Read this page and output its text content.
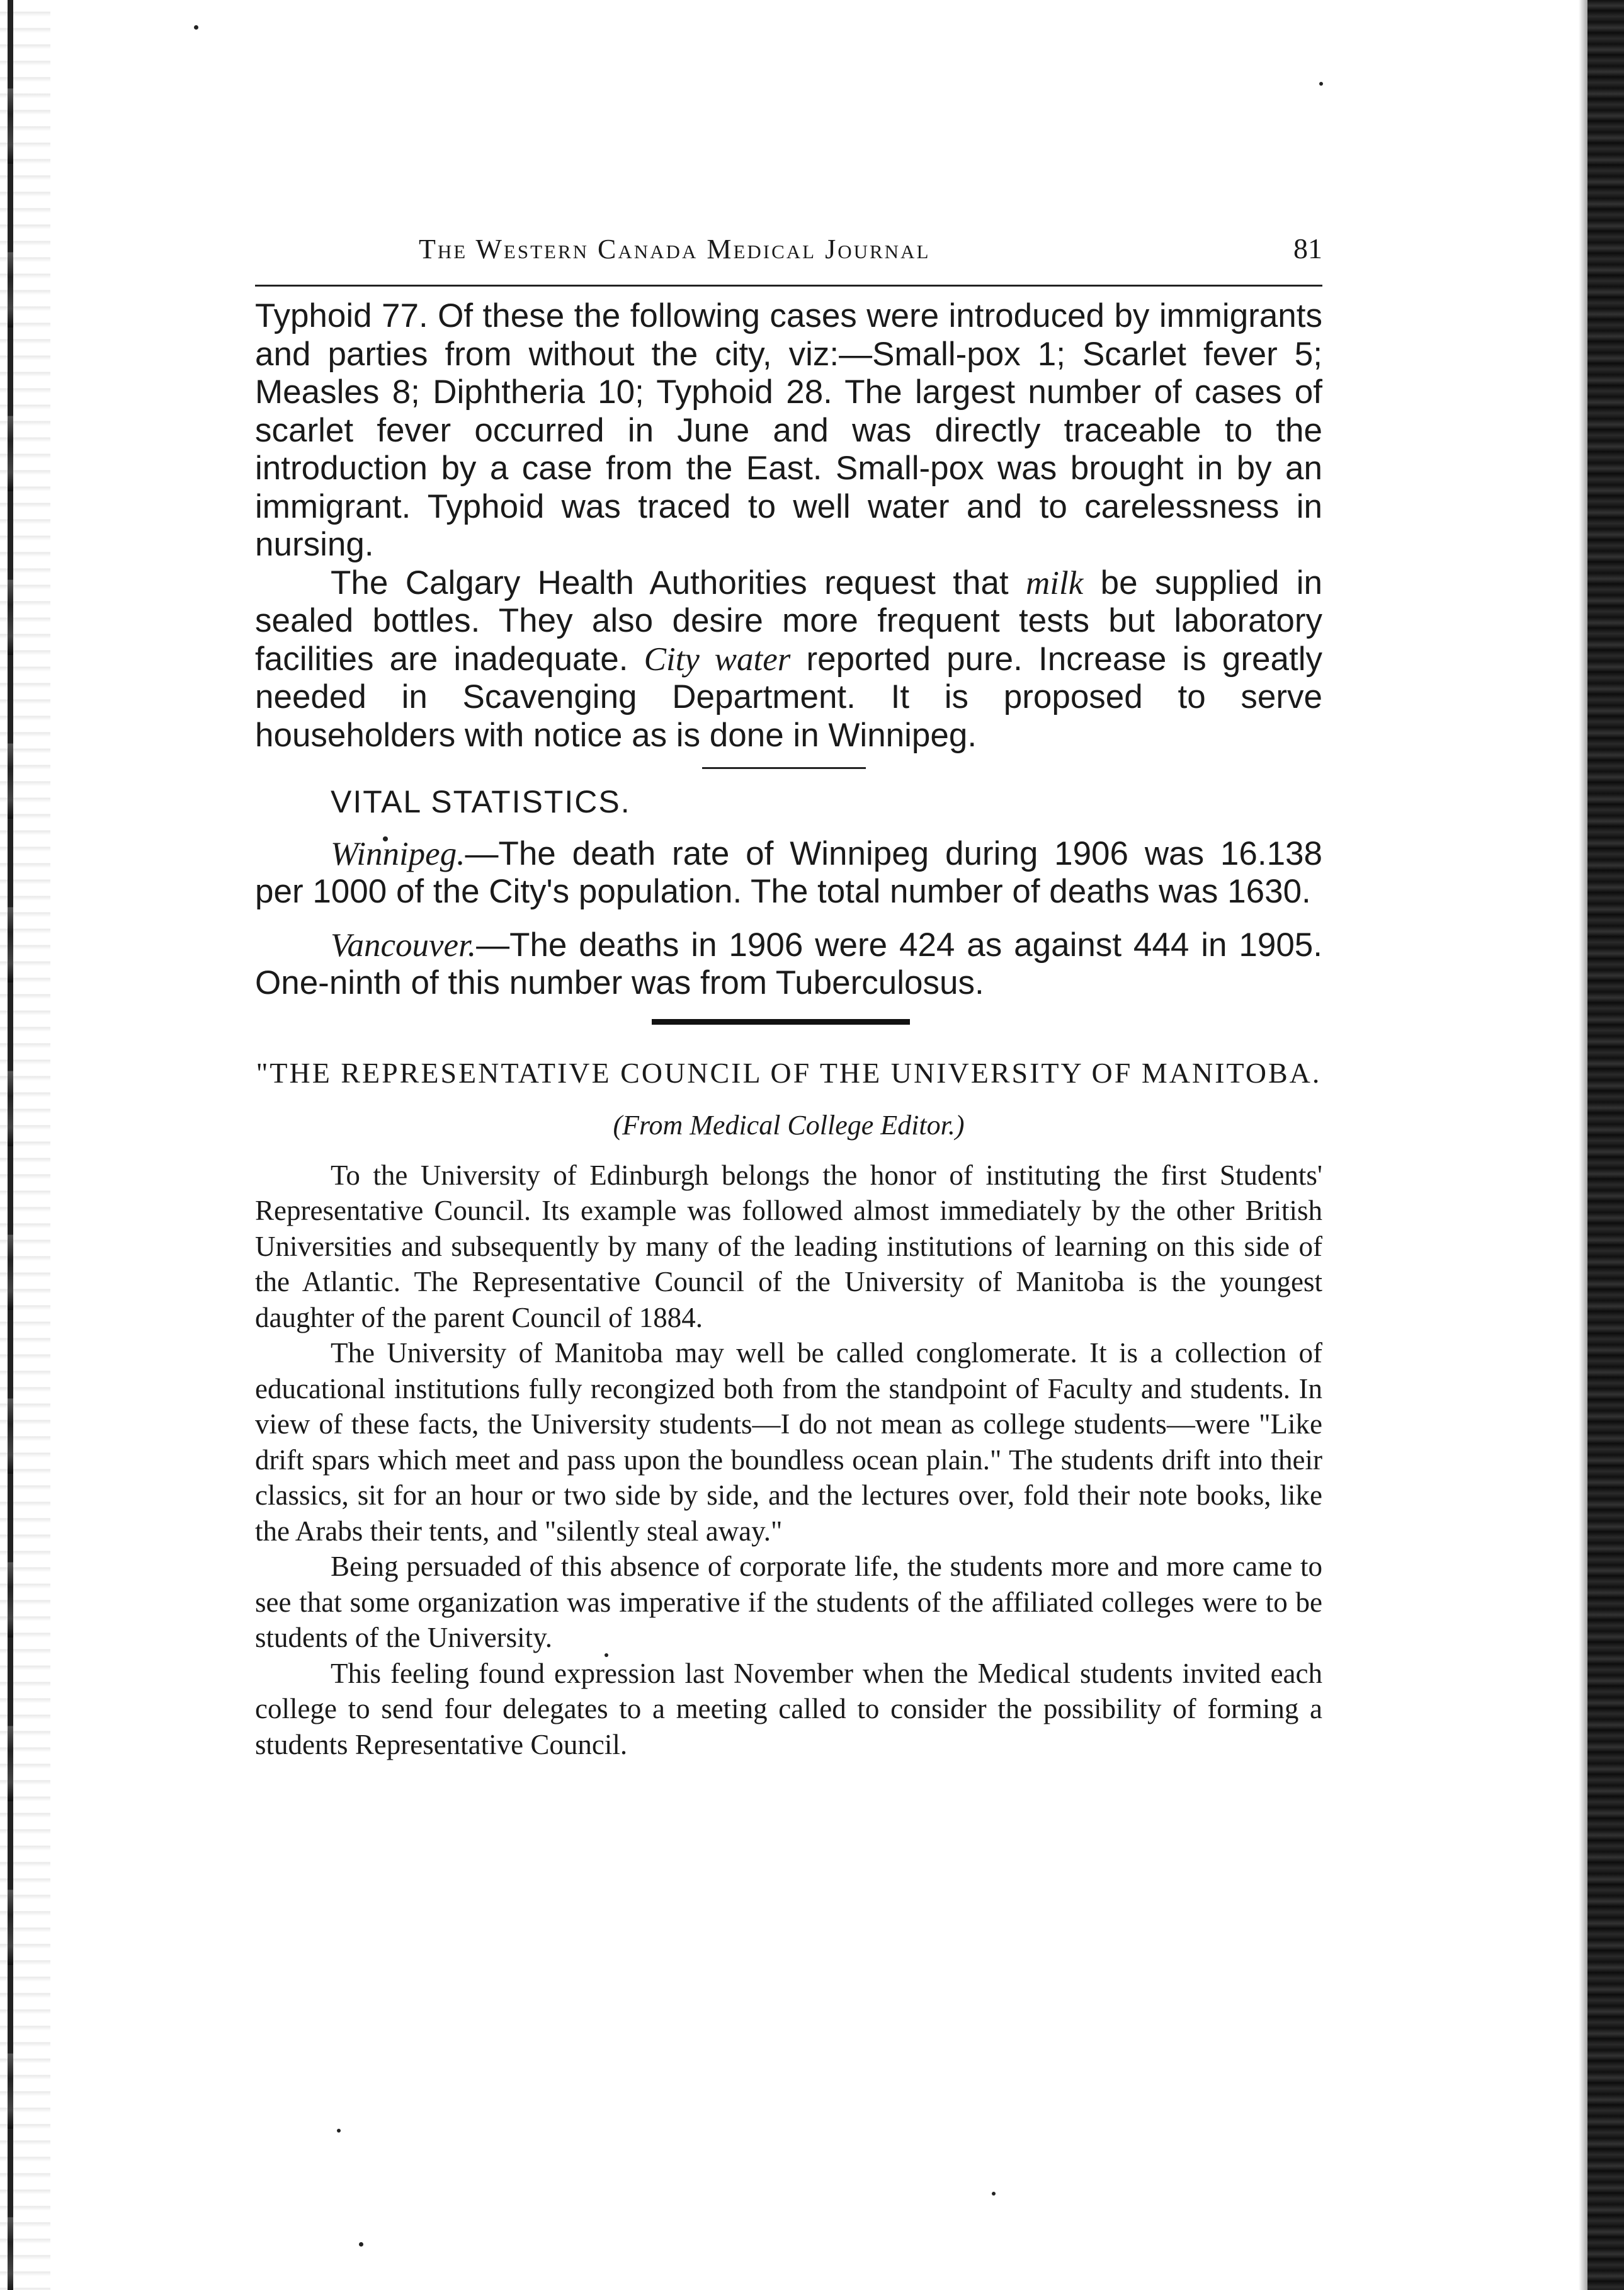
The Western Canada Medical Journal	81

Typhoid 77. Of these the following cases were introduced by immigrants and parties from without the city, viz:—Small-pox 1; Scarlet fever 5; Measles 8; Diphtheria 10; Typhoid 28. The largest number of cases of scarlet fever occurred in June and was directly traceable to the introduction by a case from the East. Small-pox was brought in by an immigrant. Typhoid was traced to well water and to carelessness in nursing.

The Calgary Health Authorities request that milk be supplied in sealed bottles. They also desire more frequent tests but laboratory facilities are inadequate. City water reported pure. Increase is greatly needed in Scavenging Department. It is proposed to serve householders with notice as is done in Winnipeg.

VITAL STATISTICS.

Winnipeg.—The death rate of Winnipeg during 1906 was 16.138 per 1000 of the City's population. The total number of deaths was 1630.

Vancouver.—The deaths in 1906 were 424 as against 444 in 1905. One-ninth of this number was from Tuberculosus.

"THE REPRESENTATIVE COUNCIL OF THE UNIVERSITY OF MANITOBA.
(From Medical College Editor.)

To the University of Edinburgh belongs the honor of instituting the first Students' Representative Council. Its example was followed almost immediately by the other British Universities and subsequently by many of the leading institutions of learning on this side of the Atlantic. The Representative Council of the University of Manitoba is the youngest daughter of the parent Council of 1884.

The University of Manitoba may well be called conglomerate. It is a collection of educational institutions fully recongized both from the standpoint of Faculty and students. In view of these facts, the University students—I do not mean as college students—were "Like drift spars which meet and pass upon the boundless ocean plain." The students drift into their classics, sit for an hour or two side by side, and the lectures over, fold their note books, like the Arabs their tents, and "silently steal away."

Being persuaded of this absence of corporate life, the students more and more came to see that some organization was imperative if the students of the affiliated colleges were to be students of the University.

This feeling found expression last November when the Medical students invited each college to send four delegates to a meeting called to consider the possibility of forming a students Representative Council.
